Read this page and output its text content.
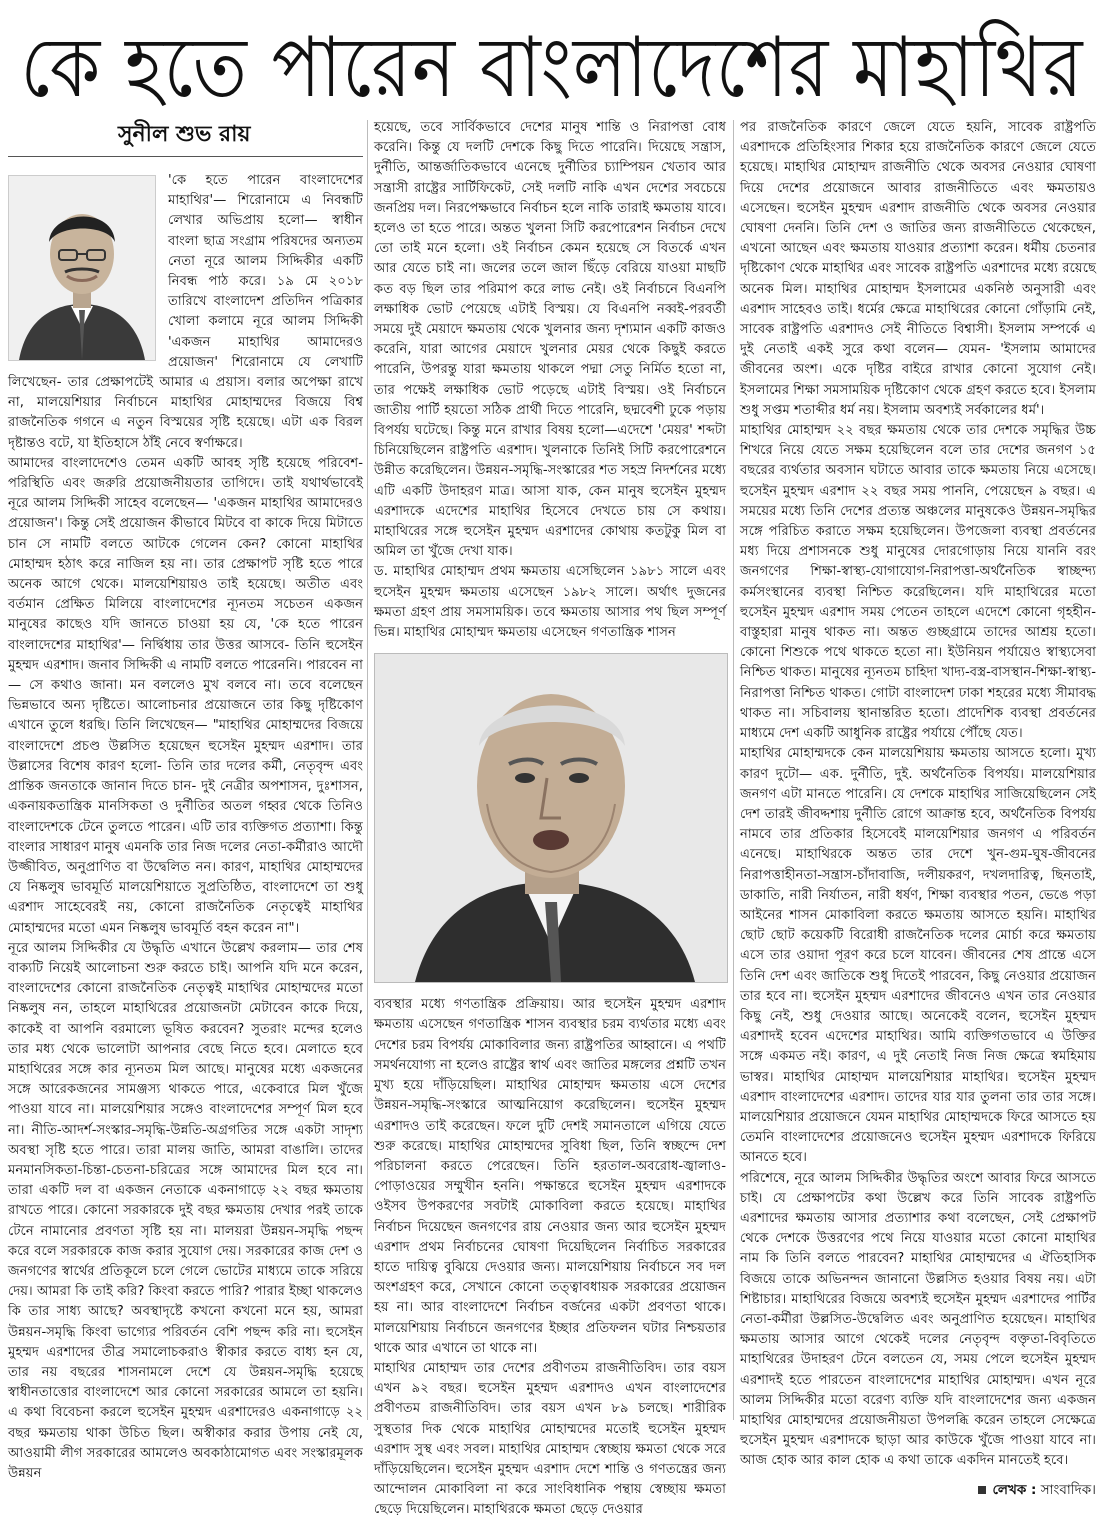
কে হতে পারেন বাংলাদেশের মাহাথির
সুনীল শুভ রায়

'কে হতে পারেন বাংলাদেশের মাহাথির'— শিরোনামে এ নিবন্ধটি লেখার অভিপ্রায় হলো— স্বাধীন বাংলা ছাত্র সংগ্রাম পরিষদের অন্যতম নেতা নূরে আলম সিদ্দিকীর একটি নিবন্ধ পাঠ করে। ১৯ মে ২০১৮ তারিখে বাংলাদেশ প্রতিদিন পত্রিকার খোলা কলামে নূরে আলম সিদ্দিকী 'একজন মাহাথির আমাদেরও প্রয়োজন' শিরোনামে যে লেখাটি লিখেছেন- তার প্রেক্ষাপটেই আমার এ প্রয়াস। বলার অপেক্ষা রাখে না, মালয়েশিয়ার নির্বাচনে মাহাথির মোহাম্মদের বিজয়ে বিশ্ব রাজনৈতিক গগনে এ নতুন বিস্ময়ের সৃষ্টি হয়েছে। এটা এক বিরল দৃষ্টান্তও বটে, যা ইতিহাসে ঠাঁই নেবে স্বর্ণাক্ষরে।

আমাদের বাংলাদেশেও তেমন একটি আবহ সৃষ্টি হয়েছে পরিবেশ-পরিস্থিতি এবং জরুরি প্রয়োজনীয়তার তাগিদে। তাই যথার্থভাবেই নূরে আলম সিদ্দিকী সাহেব বলেছেন— 'একজন মাহাথির আমাদেরও প্রয়োজন'। কিন্তু সেই প্রয়োজন কীভাবে মিটবে বা কাকে দিয়ে মিটাতে চান সে নামটি বলতে আটকে গেলেন কেন? কোনো মাহাথির মোহাম্মদ হঠাৎ করে নাজিল হয় না। তার প্রেক্ষাপট সৃষ্টি হতে পারে অনেক আগে থেকে। মালয়েশিয়ায়ও তাই হয়েছে। অতীত এবং বর্তমান প্রেক্ষিত মিলিয়ে বাংলাদেশের ন্যূনতম সচেতন একজন মানুষের কাছেও যদি জানতে চাওয়া হয় যে, 'কে হতে পারেন বাংলাদেশের মাহাথির'— নির্দ্বিধায় তার উত্তর আসবে- তিনি হুসেইন মুহম্মদ এরশাদ। জনাব সিদ্দিকী এ নামটি বলতে পারেননি। পারবেন না— সে কথাও জানা। মন বললেও মুখ বলবে না। তবে বলেছেন ভিন্নভাবে অন্য দৃষ্টিতে। আলোচনার প্রয়োজনে তার কিছু দৃষ্টিকোণ এখানে তুলে ধরছি। তিনি লিখেছেন— "মাহাথির মোহাম্মদের বিজয়ে বাংলাদেশে প্রচণ্ড উল্লসিত হয়েছেন হুসেইন মুহম্মদ এরশাদ। তার উল্লাসের বিশেষ কারণ হলো- তিনি তার দলের কর্মী, নেতৃবৃন্দ এবং প্রান্তিক জনতাকে জানান দিতে চান- দুই নেত্রীর অপশাসন, দুঃশাসন, একনায়কতান্ত্রিক মানসিকতা ও দুর্নীতির অতল গহ্বর থেকে তিনিও বাংলাদেশকে টেনে তুলতে পারেন। এটি তার ব্যক্তিগত প্রত্যাশা। কিন্তু বাংলার সাধারণ মানুষ এমনকি তার নিজ দলের নেতা-কর্মীরাও আদৌ উজ্জীবিত, অনুপ্রাণিত বা উদ্বেলিত নন। কারণ, মাহাথির মোহাম্মদের যে নিষ্কলুষ ভাবমূর্তি মালয়েশিয়াতে সুপ্রতিষ্ঠিত, বাংলাদেশে তা শুধু এরশাদ সাহেবেরই নয়, কোনো রাজনৈতিক নেতৃত্বেই মাহাথির মোহাম্মদের মতো এমন নিষ্কলুষ ভাবমূর্তি বহন করেন না"।

নূরে আলম সিদ্দিকীর যে উদ্ধৃতি এখানে উল্লেখ করলাম— তার শেষ বাক্যটি নিয়েই আলোচনা শুরু করতে চাই। আপনি যদি মনে করেন, বাংলাদেশের কোনো রাজনৈতিক নেতৃত্বই মাহাথির মোহাম্মদের মতো নিষ্কলুষ নন, তাহলে মাহাথিরের প্রয়োজনটা মেটাবেন কাকে দিয়ে, কাকেই বা আপনি বরমাল্যে ভূষিত করবেন? সুতরাং মন্দের হলেও তার মধ্য থেকে ভালোটা আপনার বেছে নিতে হবে। মেলাতে হবে মাহাথিরের সঙ্গে কার ন্যূনতম মিল আছে। মানুষের মধ্যে একজনের সঙ্গে আরেকজনের সামঞ্জস্য থাকতে পারে, একেবারে মিল খুঁজে পাওয়া যাবে না। মালয়েশিয়ার সঙ্গেও বাংলাদেশের সম্পূর্ণ মিল হবে না। নীতি-আদর্শ-সংস্কার-সমৃদ্ধি-উন্নতি-অগ্রগতির সঙ্গে একটা সাদৃশ্য অবস্থা সৃষ্টি হতে পারে। তারা মালয় জাতি, আমরা বাঙালি। তাদের মনমানসিকতা-চিন্তা-চেতনা-চরিত্রের সঙ্গে আমাদের মিল হবে না। তারা একটি দল বা একজন নেতাকে একনাগাড়ে ২২ বছর ক্ষমতায় রাখতে পারে। কোনো সরকারকে দুই বছর ক্ষমতায় দেখার পরই তাকে টেনে নামানোর প্রবণতা সৃষ্টি হয় না। মালয়রা উন্নয়ন-সমৃদ্ধি পছন্দ করে বলে সরকারকে কাজ করার সুযোগ দেয়। সরকারের কাজ দেশ ও জনগণের স্বার্থের প্রতিকূলে চলে গেলে ভোটের মাধ্যমে তাকে সরিয়ে দেয়। আমরা কি তাই করি? কিংবা করতে পারি? পারার ইচ্ছা থাকলেও কি তার সাধ্য আছে? অবস্থাদৃষ্টে কখনো কখনো মনে হয়, আমরা উন্নয়ন-সমৃদ্ধি কিংবা ভাগ্যের পরিবর্তন বেশি পছন্দ করি না। হুসেইন মুহম্মদ এরশাদের তীব্র সমালোচকরাও স্বীকার করতে বাধ্য হন যে, তার নয় বছরের শাসনামলে দেশে যে উন্নয়ন-সমৃদ্ধি হয়েছে স্বাধীনতাত্তোর বাংলাদেশে আর কোনো সরকারের আমলে তা হয়নি। এ কথা বিবেচনা করলে হুসেইন মুহম্মদ এরশাদেরও একনাগাড়ে ২২ বছর ক্ষমতায় থাকা উচিত ছিল। অস্বীকার করার উপায় নেই যে, আওয়ামী লীগ সরকারের আমলেও অবকাঠামোগত এবং সংস্কারমূলক উন্নয়ন

হয়েছে, তবে সার্বিকভাবে দেশের মানুষ শান্তি ও নিরাপত্তা বোধ করেনি। কিন্তু যে দলটি দেশকে কিছু দিতে পারেনি। দিয়েছে সন্ত্রাস, দুর্নীতি, আন্তর্জাতিকভাবে এনেছে দুর্নীতির চ্যাম্পিয়ন খেতাব আর সন্ত্রাসী রাষ্ট্রের সার্টিফিকেট, সেই দলটি নাকি এখন দেশের সবচেয়ে জনপ্রিয় দল। নিরপেক্ষভাবে নির্বাচন হলে নাকি তারাই ক্ষমতায় যাবে। হলেও তা হতে পারে। অন্তত খুলনা সিটি করপোরেশন নির্বাচন দেখে তো তাই মনে হলো। ওই নির্বাচন কেমন হয়েছে সে বিতর্কে এখন আর যেতে চাই না। জলের তলে জাল ছিঁড়ে বেরিয়ে যাওয়া মাছটি কত বড় ছিল তার পরিমাপ করে লাভ নেই। ওই নির্বাচনে বিএনপি লক্ষাধিক ভোট পেয়েছে এটাই বিস্ময়। যে বিএনপি নব্বই-পরবর্তী সময়ে দুই মেয়াদে ক্ষমতায় থেকে খুলনার জন্য দৃশ্যমান একটি কাজও করেনি, যারা আগের মেয়াদে খুলনার মেয়র থেকে কিছুই করতে পারেনি, উপরন্তু যারা ক্ষমতায় থাকলে পদ্মা সেতু নির্মিত হতো না, তার পক্ষেই লক্ষাধিক ভোট পড়েছে এটাই বিস্ময়। ওই নির্বাচনে জাতীয় পার্টি হয়তো সঠিক প্রার্থী দিতে পারেনি, ছদ্মবেশী ঢুকে পড়ায় বিপর্যয় ঘটেছে। কিন্তু মনে রাখার বিষয় হলো—এদেশে 'মেয়র' শব্দটা চিনিয়েছিলেন রাষ্ট্রপতি এরশাদ। খুলনাকে তিনিই সিটি করপোরেশনে উন্নীত করেছিলেন। উন্নয়ন-সমৃদ্ধি-সংস্কারের শত সহস্র নিদর্শনের মধ্যে এটি একটি উদাহরণ মাত্র। আসা যাক, কেন মানুষ হুসেইন মুহম্মদ এরশাদকে এদেশের মাহাথির হিসেবে দেখতে চায় সে কথায়। মাহাথিরের সঙ্গে হুসেইন মুহম্মদ এরশাদের কোথায় কতটুকু মিল বা অমিল তা খুঁজে দেখা যাক।

ড. মাহাথির মোহাম্মদ প্রথম ক্ষমতায় এসেছিলেন ১৯৮১ সালে এবং হুসেইন মুহম্মদ ক্ষমতায় এসেছেন ১৯৮২ সালে। অর্থাৎ দুজনের ক্ষমতা গ্রহণ প্রায় সমসাময়িক। তবে ক্ষমতায় আসার পথ ছিল সম্পূর্ণ ভিন্ন। মাহাথির মোহাম্মদ ক্ষমতায় এসেছেন গণতান্ত্রিক শাসন

ব্যবস্থার মধ্যে গণতান্ত্রিক প্রক্রিয়ায়। আর হুসেইন মুহম্মদ এরশাদ ক্ষমতায় এসেছেন গণতান্ত্রিক শাসন ব্যবস্থার চরম ব্যর্থতার মধ্যে এবং দেশের চরম বিপর্যয় মোকাবিলার জন্য রাষ্ট্রপতির আহ্বানে। এ পথটি সমর্থনযোগ্য না হলেও রাষ্ট্রের স্বার্থ এবং জাতির মঙ্গলের প্রশ্নটি তখন মুখ্য হয়ে দাঁড়িয়েছিল। মাহাথির মোহাম্মদ ক্ষমতায় এসে দেশের উন্নয়ন-সমৃদ্ধি-সংস্কারে আত্মনিয়োগ করেছিলেন। হুসেইন মুহম্মদ এরশাদও তাই করেছেন। ফলে দুটি দেশই সমানতালে এগিয়ে যেতে শুরু করেছে। মাহাথির মোহাম্মদের সুবিধা ছিল, তিনি স্বচ্ছন্দে দেশ পরিচালনা করতে পেরেছেন। তিনি হরতাল-অবরোধ-জ্বালাও-পোড়াওয়ের সম্মুখীন হননি। পক্ষান্তরে হুসেইন মুহম্মদ এরশাদকে ওইসব উপকরণের সবটাই মোকাবিলা করতে হয়েছে। মাহাথির নির্বাচন দিয়েছেন জনগণের রায় নেওয়ার জন্য আর হুসেইন মুহম্মদ এরশাদ প্রথম নির্বাচনের ঘোষণা দিয়েছিলেন নির্বাচিত সরকারের হাতে দায়িত্ব বুঝিয়ে দেওয়ার জন্য। মালয়েশিয়ায় নির্বাচনে সব দল অংশগ্রহণ করে, সেখানে কোনো তত্ত্বাবধায়ক সরকারের প্রয়োজন হয় না। আর বাংলাদেশে নির্বাচন বর্জনের একটা প্রবণতা থাকে। মালয়েশিয়ায় নির্বাচনে জনগণের ইচ্ছার প্রতিফলন ঘটার নিশ্চয়তার থাকে আর এখানে তা থাকে না।

মাহাথির মোহাম্মদ তার দেশের প্রবীণতম রাজনীতিবিদ। তার বয়স এখন ৯২ বছর। হুসেইন মুহম্মদ এরশাদও এখন বাংলাদেশের প্রবীণতম রাজনীতিবিদ। তার বয়স এখন ৮৯ চলছে। শারীরিক সুস্থতার দিক থেকে মাহাথির মোহাম্মদের মতোই হুসেইন মুহম্মদ এরশাদ সুস্থ এবং সবল। মাহাথির মোহাম্মদ স্বেচ্ছায় ক্ষমতা থেকে সরে দাঁড়িয়েছিলেন। হুসেইন মুহম্মদ এরশাদ দেশে শান্তি ও গণতন্ত্রের জন্য আন্দোলন মোকাবিলা না করে সাংবিধানিক পন্থায় স্বেচ্ছায় ক্ষমতা ছেড়ে দিয়েছিলেন। মাহাথিরকে ক্ষমতা ছেড়ে দেওয়ার

পর রাজনৈতিক কারণে জেলে যেতে হয়নি, সাবেক রাষ্ট্রপতি এরশাদকে প্রতিহিংসার শিকার হয়ে রাজনৈতিক কারণে জেলে যেতে হয়েছে। মাহাথির মোহাম্মদ রাজনীতি থেকে অবসর নেওয়ার ঘোষণা দিয়ে দেশের প্রয়োজনে আবার রাজনীতিতে এবং ক্ষমতায়ও এসেছেন। হুসেইন মুহম্মদ এরশাদ রাজনীতি থেকে অবসর নেওয়ার ঘোষণা দেননি। তিনি দেশ ও জাতির জন্য রাজনীতিতে থেকেছেন, এখনো আছেন এবং ক্ষমতায় যাওয়ার প্রত্যাশা করেন। ধর্মীয় চেতনার দৃষ্টিকোণ থেকে মাহাথির এবং সাবেক রাষ্ট্রপতি এরশাদের মধ্যে রয়েছে অনেক মিল। মাহাথির মোহাম্মদ ইসলামের একনিষ্ঠ অনুসারী এবং এরশাদ সাহেবও তাই। ধর্মের ক্ষেত্রে মাহাথিরের কোনো গোঁড়ামি নেই, সাবেক রাষ্ট্রপতি এরশাদও সেই নীতিতে বিশ্বাসী। ইসলাম সম্পর্কে এ দুই নেতাই একই সুরে কথা বলেন— যেমন- 'ইসলাম আমাদের জীবনের অংশ। একে দৃষ্টির বাইরে রাখার কোনো সুযোগ নেই। ইসলামের শিক্ষা সমসাময়িক দৃষ্টিকোণ থেকে গ্রহণ করতে হবে। ইসলাম শুধু সপ্তম শতাব্দীর ধর্ম নয়। ইসলাম অবশ্যই সর্বকালের ধর্ম'।

মাহাথির মোহাম্মদ ২২ বছর ক্ষমতায় থেকে তার দেশকে সমৃদ্ধির উচ্চ শিখরে নিয়ে যেতে সক্ষম হয়েছিলেন বলে তার দেশের জনগণ ১৫ বছরের ব্যর্থতার অবসান ঘটাতে আবার তাকে ক্ষমতায় নিয়ে এসেছে। হুসেইন মুহম্মদ এরশাদ ২২ বছর সময় পাননি, পেয়েছেন ৯ বছর। এ সময়ের মধ্যে তিনি দেশের প্রত্যন্ত অঞ্চলের মানুষকেও উন্নয়ন-সমৃদ্ধির সঙ্গে পরিচিত করাতে সক্ষম হয়েছিলেন। উপজেলা ব্যবস্থা প্রবর্তনের মধ্য দিয়ে প্রশাসনকে শুধু মানুষের দোরগোড়ায় নিয়ে যাননি বরং জনগণের শিক্ষা-স্বাস্থ্য-যোগাযোগ-নিরাপত্তা-অর্থনৈতিক স্বাচ্ছন্দ্য কর্মসংস্থানের ব্যবস্থা নিশ্চিত করেছিলেন। যদি মাহাথিরের মতো হুসেইন মুহম্মদ এরশাদ সময় পেতেন তাহলে এদেশে কোনো গৃহহীন-বাস্তুহারা মানুষ থাকত না। অন্তত গুচ্ছগ্রামে তাদের আশ্রয় হতো। কোনো শিশুকে পথে থাকতে হতো না। ইউনিয়ন পর্যায়েও স্বাস্থ্যসেবা নিশ্চিত থাকত। মানুষের ন্যূনতম চাহিদা খাদ্য-বস্ত্র-বাসস্থান-শিক্ষা-স্বাস্থ্য-নিরাপত্তা নিশ্চিত থাকত। গোটা বাংলাদেশ ঢাকা শহরের মধ্যে সীমাবদ্ধ থাকত না। সচিবালয় স্থানান্তরিত হতো। প্রাদেশিক ব্যবস্থা প্রবর্তনের মাধ্যমে দেশ একটি আধুনিক রাষ্ট্রের পর্যায়ে পৌঁছে যেত।

মাহাথির মোহাম্মদকে কেন মালয়েশিয়ায় ক্ষমতায় আসতে হলো। মুখ্য কারণ দুটো— এক. দুর্নীতি, দুই. অর্থনৈতিক বিপর্যয়। মালয়েশিয়ার জনগণ এটা মানতে পারেনি। যে দেশকে মাহাথির সাজিয়েছিলেন সেই দেশ তারই জীবদ্দশায় দুর্নীতি রোগে আক্রান্ত হবে, অর্থনৈতিক বিপর্যয় নামবে তার প্রতিকার হিসেবেই মালয়েশিয়ার জনগণ এ পরিবর্তন এনেছে। মাহাথিরকে অন্তত তার দেশে খুন-গুম-ঘুষ-জীবনের নিরাপত্তাহীনতা-সন্ত্রাস-চাঁদাবাজি, দলীয়করণ, দখলদারিত্ব, ছিনতাই, ডাকাতি, নারী নির্যাতন, নারী ধর্ষণ, শিক্ষা ব্যবস্থার পতন, ভেঙে পড়া আইনের শাসন মোকাবিলা করতে ক্ষমতায় আসতে হয়নি। মাহাথির ছোট ছোট কয়েকটি বিরোধী রাজনৈতিক দলের মোর্চা করে ক্ষমতায় এসে তার ওয়াদা পূরণ করে চলে যাবেন। জীবনের শেষ প্রান্তে এসে তিনি দেশ এবং জাতিকে শুধু দিতেই পারবেন, কিছু নেওয়ার প্রয়োজন তার হবে না। হুসেইন মুহম্মদ এরশাদের জীবনেও এখন তার নেওয়ার কিছু নেই, শুধু দেওয়ার আছে। অনেকেই বলেন, হুসেইন মুহম্মদ এরশাদই হবেন এদেশের মাহাথির। আমি ব্যক্তিগতভাবে এ উক্তির সঙ্গে একমত নই। কারণ, এ দুই নেতাই নিজ নিজ ক্ষেত্রে স্বমহিমায় ভাস্বর। মাহাথির মোহাম্মদ মালয়েশিয়ার মাহাথির। হুসেইন মুহম্মদ এরশাদ বাংলাদেশের এরশাদ। তাদের যার যার তুলনা তার তার সঙ্গে। মালয়েশিয়ার প্রয়োজনে যেমন মাহাথির মোহাম্মদকে ফিরে আসতে হয় তেমনি বাংলাদেশের প্রয়োজনেও হুসেইন মুহম্মদ এরশাদকে ফিরিয়ে আনতে হবে।

পরিশেষে, নূরে আলম সিদ্দিকীর উদ্ধৃতির অংশে আবার ফিরে আসতে চাই। যে প্রেক্ষাপটের কথা উল্লেখ করে তিনি সাবেক রাষ্ট্রপতি এরশাদের ক্ষমতায় আসার প্রত্যাশার কথা বলেছেন, সেই প্রেক্ষাপট থেকে দেশকে উত্তরণের পথে নিয়ে যাওয়ার মতো কোনো মাহাথির নাম কি তিনি বলতে পারবেন? মাহাথির মোহাম্মদের এ ঐতিহাসিক বিজয়ে তাকে অভিনন্দন জানানো উল্লসিত হওয়ার বিষয় নয়। এটা শিষ্টাচার। মাহাথিরের বিজয়ে অবশ্যই হুসেইন মুহম্মদ এরশাদের পার্টির নেতা-কর্মীরা উল্লসিত-উদ্বেলিত এবং অনুপ্রাণিত হয়েছেন। মাহাথির ক্ষমতায় আসার আগে থেকেই দলের নেতৃবৃন্দ বক্তৃতা-বিবৃতিতে মাহাথিরের উদাহরণ টেনে বলতেন যে, সময় পেলে হুসেইন মুহম্মদ এরশাদই হতে পারতেন বাংলাদেশের মাহাথির মোহাম্মদ। এখন নূরে আলম সিদ্দিকীর মতো বরেণ্য ব্যক্তি যদি বাংলাদেশের জন্য একজন মাহাথির মোহাম্মদের প্রয়োজনীয়তা উপলব্ধি করেন তাহলে সেক্ষেত্রে হুসেইন মুহম্মদ এরশাদকে ছাড়া আর কাউকে খুঁজে পাওয়া যাবে না। আজ হোক আর কাল হোক এ কথা তাকে একদিন মানতেই হবে।

লেখক : সাংবাদিক।
